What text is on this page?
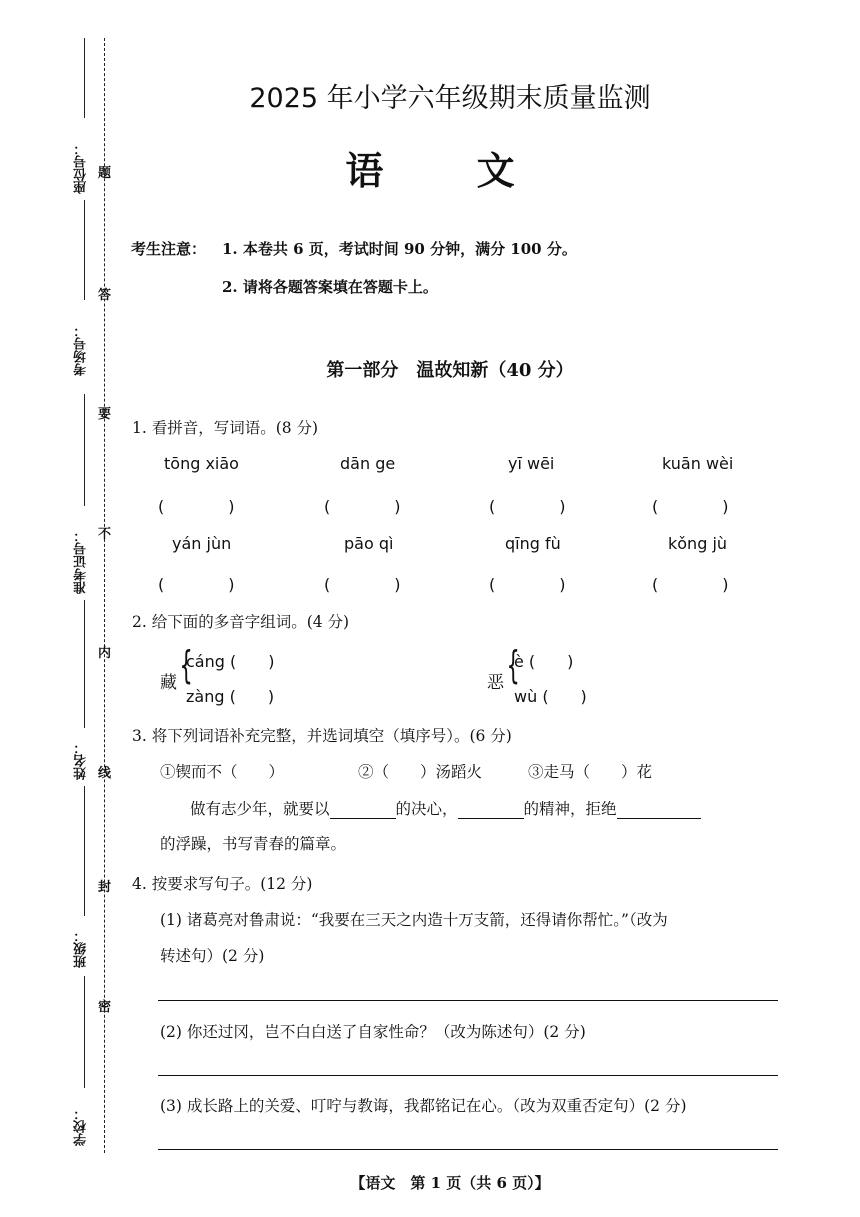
座位号：
考场号：
准考证号：
姓名：
班级：
学校：
题
答
要
不
内
线
封
密
2025 年小学六年级期末质量监测
语 文
考生注意： 1. 本卷共 6 页，考试时间 90 分钟，满分 100 分。
2. 请将各题答案填在答题卡上。
第一部分　温故知新（40 分）
1. 看拼音，写词语。(8 分)
tōng xiāo	dān ge	yī wēi	kuān wèi
(　　　　)	(　　　　)	(　　　　)	(　　　　)
yán jùn	pāo qì	qīng fù	kǒng jù
(　　　　)	(　　　　)	(　　　　)	(　　　　)
2. 给下面的多音字组词。(4 分)
藏 {
cáng (　　)
zàng (　　)
恶 {
è (　　)
wù (　　)
3. 将下列词语补充完整，并选词填空（填序号）。(6 分)
①锲而不（　　）	②（　　）汤蹈火	③走马（　　）花
做有志少年，就要以	的决心，	的精神，拒绝
的浮躁，书写青春的篇章。
4. 按要求写句子。(12 分)
(1) 诸葛亮对鲁肃说：“我要在三天之内造十万支箭，还得请你帮忙。”（改为
转述句）(2 分)
(2) 你还过冈，岂不白白送了自家性命？（改为陈述句）(2 分)
(3) 成长路上的关爱、叮咛与教诲，我都铭记在心。（改为双重否定句）(2 分)
【语文　第 1 页（共 6 页）】
